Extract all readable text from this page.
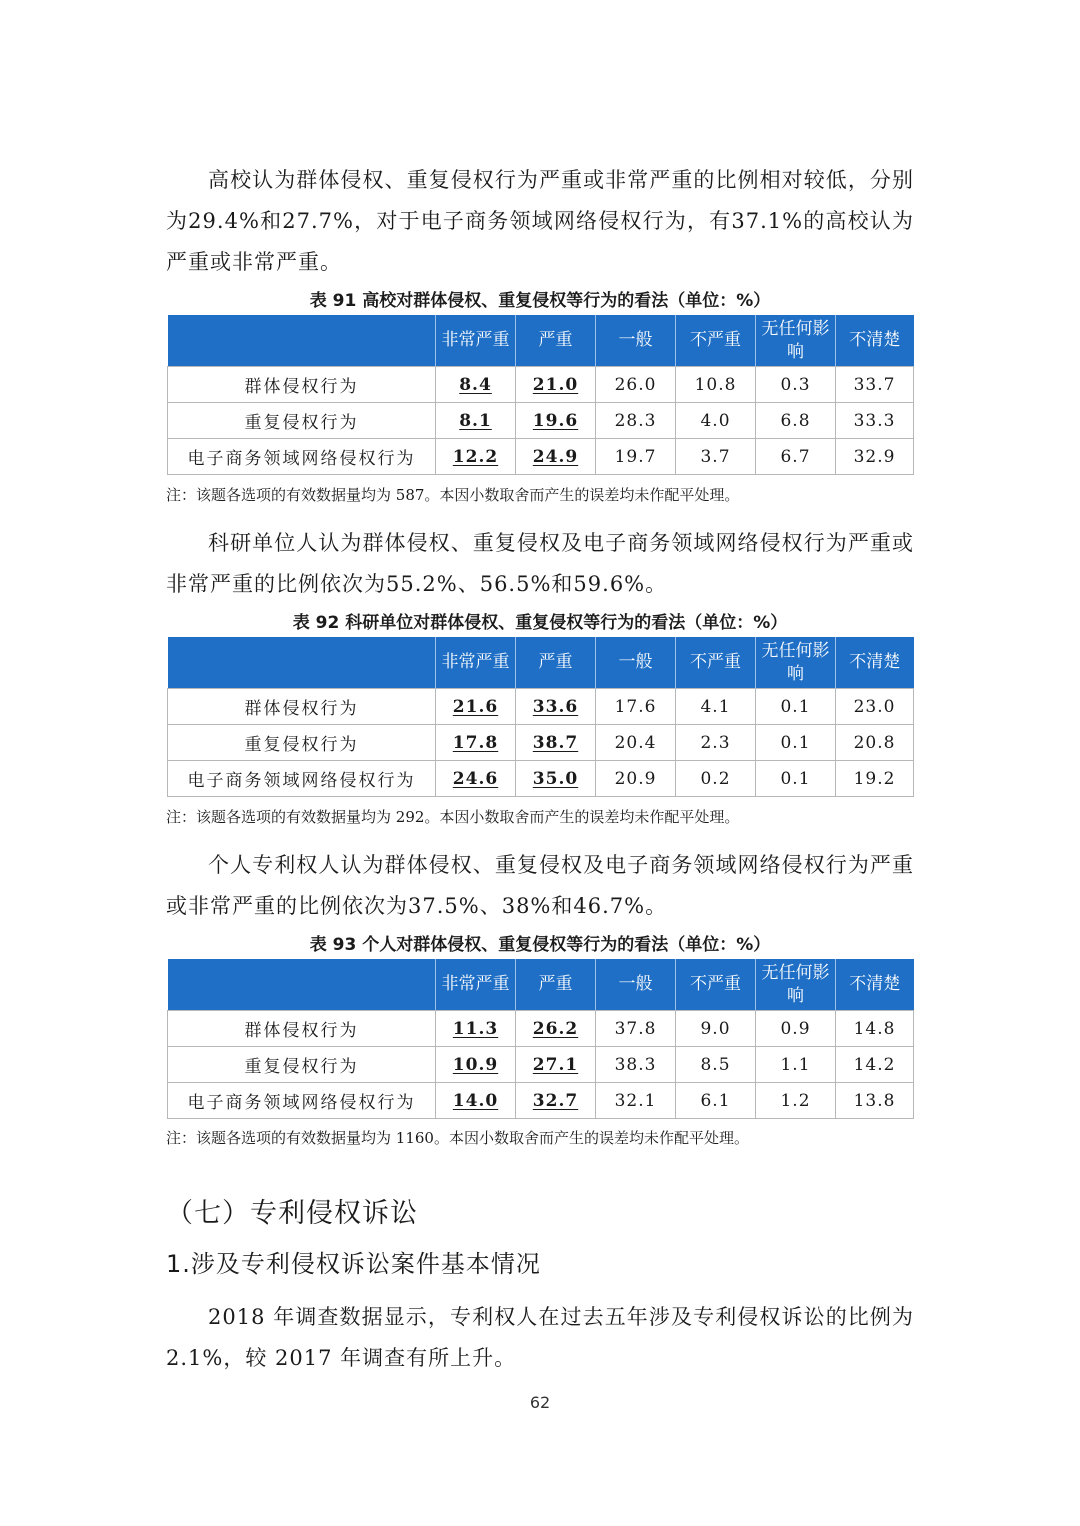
高校认为群体侵权、重复侵权行为严重或非常严重的比例相对较低，分别为29.4%和27.7%，对于电子商务领域网络侵权行为，有37.1%的高校认为严重或非常严重。

表 91 高校对群体侵权、重复侵权等行为的看法（单位：%）
	非常严重	严重	一般	不严重	无任何影响	不清楚
群体侵权行为	8.4	21.0	26.0	10.8	0.3	33.7
重复侵权行为	8.1	19.6	28.3	4.0	6.8	33.3
电子商务领域网络侵权行为	12.2	24.9	19.7	3.7	6.7	32.9
注：该题各选项的有效数据量均为 587。本因小数取舍而产生的误差均未作配平处理。

科研单位人认为群体侵权、重复侵权及电子商务领域网络侵权行为严重或非常严重的比例依次为55.2%、56.5%和59.6%。

表 92 科研单位对群体侵权、重复侵权等行为的看法（单位：%）
	非常严重	严重	一般	不严重	无任何影响	不清楚
群体侵权行为	21.6	33.6	17.6	4.1	0.1	23.0
重复侵权行为	17.8	38.7	20.4	2.3	0.1	20.8
电子商务领域网络侵权行为	24.6	35.0	20.9	0.2	0.1	19.2
注：该题各选项的有效数据量均为 292。本因小数取舍而产生的误差均未作配平处理。

个人专利权人认为群体侵权、重复侵权及电子商务领域网络侵权行为严重或非常严重的比例依次为37.5%、38%和46.7%。

表 93 个人对群体侵权、重复侵权等行为的看法（单位：%）
	非常严重	严重	一般	不严重	无任何影响	不清楚
群体侵权行为	11.3	26.2	37.8	9.0	0.9	14.8
重复侵权行为	10.9	27.1	38.3	8.5	1.1	14.2
电子商务领域网络侵权行为	14.0	32.7	32.1	6.1	1.2	13.8
注：该题各选项的有效数据量均为 1160。本因小数取舍而产生的误差均未作配平处理。
（七）专利侵权诉讼
1.涉及专利侵权诉讼案件基本情况

2018 年调查数据显示，专利权人在过去五年涉及专利侵权诉讼的比例为2.1%，较 2017 年调查有所上升。

62
